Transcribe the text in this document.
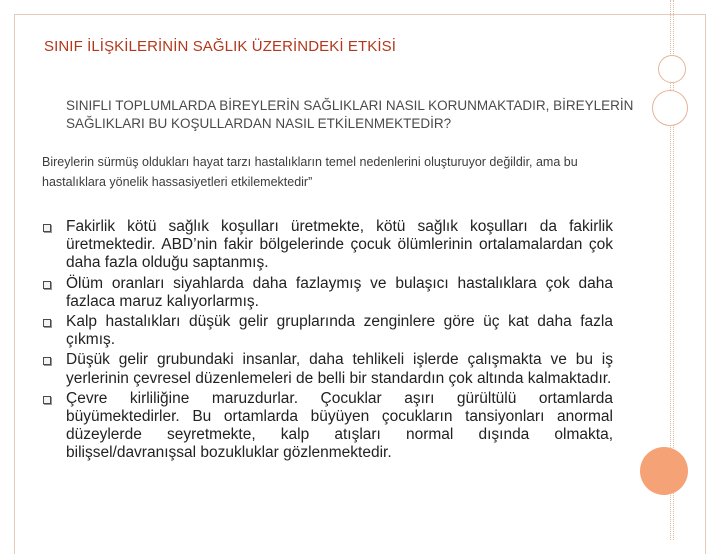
SINIF İLİŞKİLERİNİN SAĞLIK ÜZERİNDEKİ ETKİSİ
SINIFLI TOPLUMLARDA BİREYLERİN SAĞLIKLARI NASIL KORUNMAKTADIR, BİREYLERİN SAĞLIKLARI BU KOŞULLARDAN NASIL ETKİLENMEKTEDİR?
Bireylerin sürmüş oldukları hayat tarzı hastalıkların temel nedenlerini oluşturuyor değildir, ama bu hastalıklara yönelik hassasiyetleri etkilemektedir”
Fakirlik kötü sağlık koşulları üretmekte, kötü sağlık koşulları da fakirlik üretmektedir. ABD’nin fakir bölgelerinde çocuk ölümlerinin ortalamalardan çok daha fazla olduğu saptanmış.
Ölüm oranları siyahlarda daha fazlaymış ve bulaşıcı hastalıklara çok daha fazlaca maruz kalıyorlarmış.
Kalp hastalıkları düşük gelir gruplarında zenginlere göre üç kat daha fazla çıkmış.
Düşük gelir grubundaki insanlar, daha tehlikeli işlerde çalışmakta ve bu iş yerlerinin çevresel düzenlemeleri de belli bir standardın çok altında kalmaktadır.
Çevre kirliliğine maruzdurlar. Çocuklar aşırı gürültülü ortamlarda büyümektedirler. Bu ortamlarda büyüyen çocukların tansiyonları anormal düzeylerde seyretmekte, kalp atışları normal dışında olmakta, bilişsel/davranışsal bozukluklar gözlenmektedir.
